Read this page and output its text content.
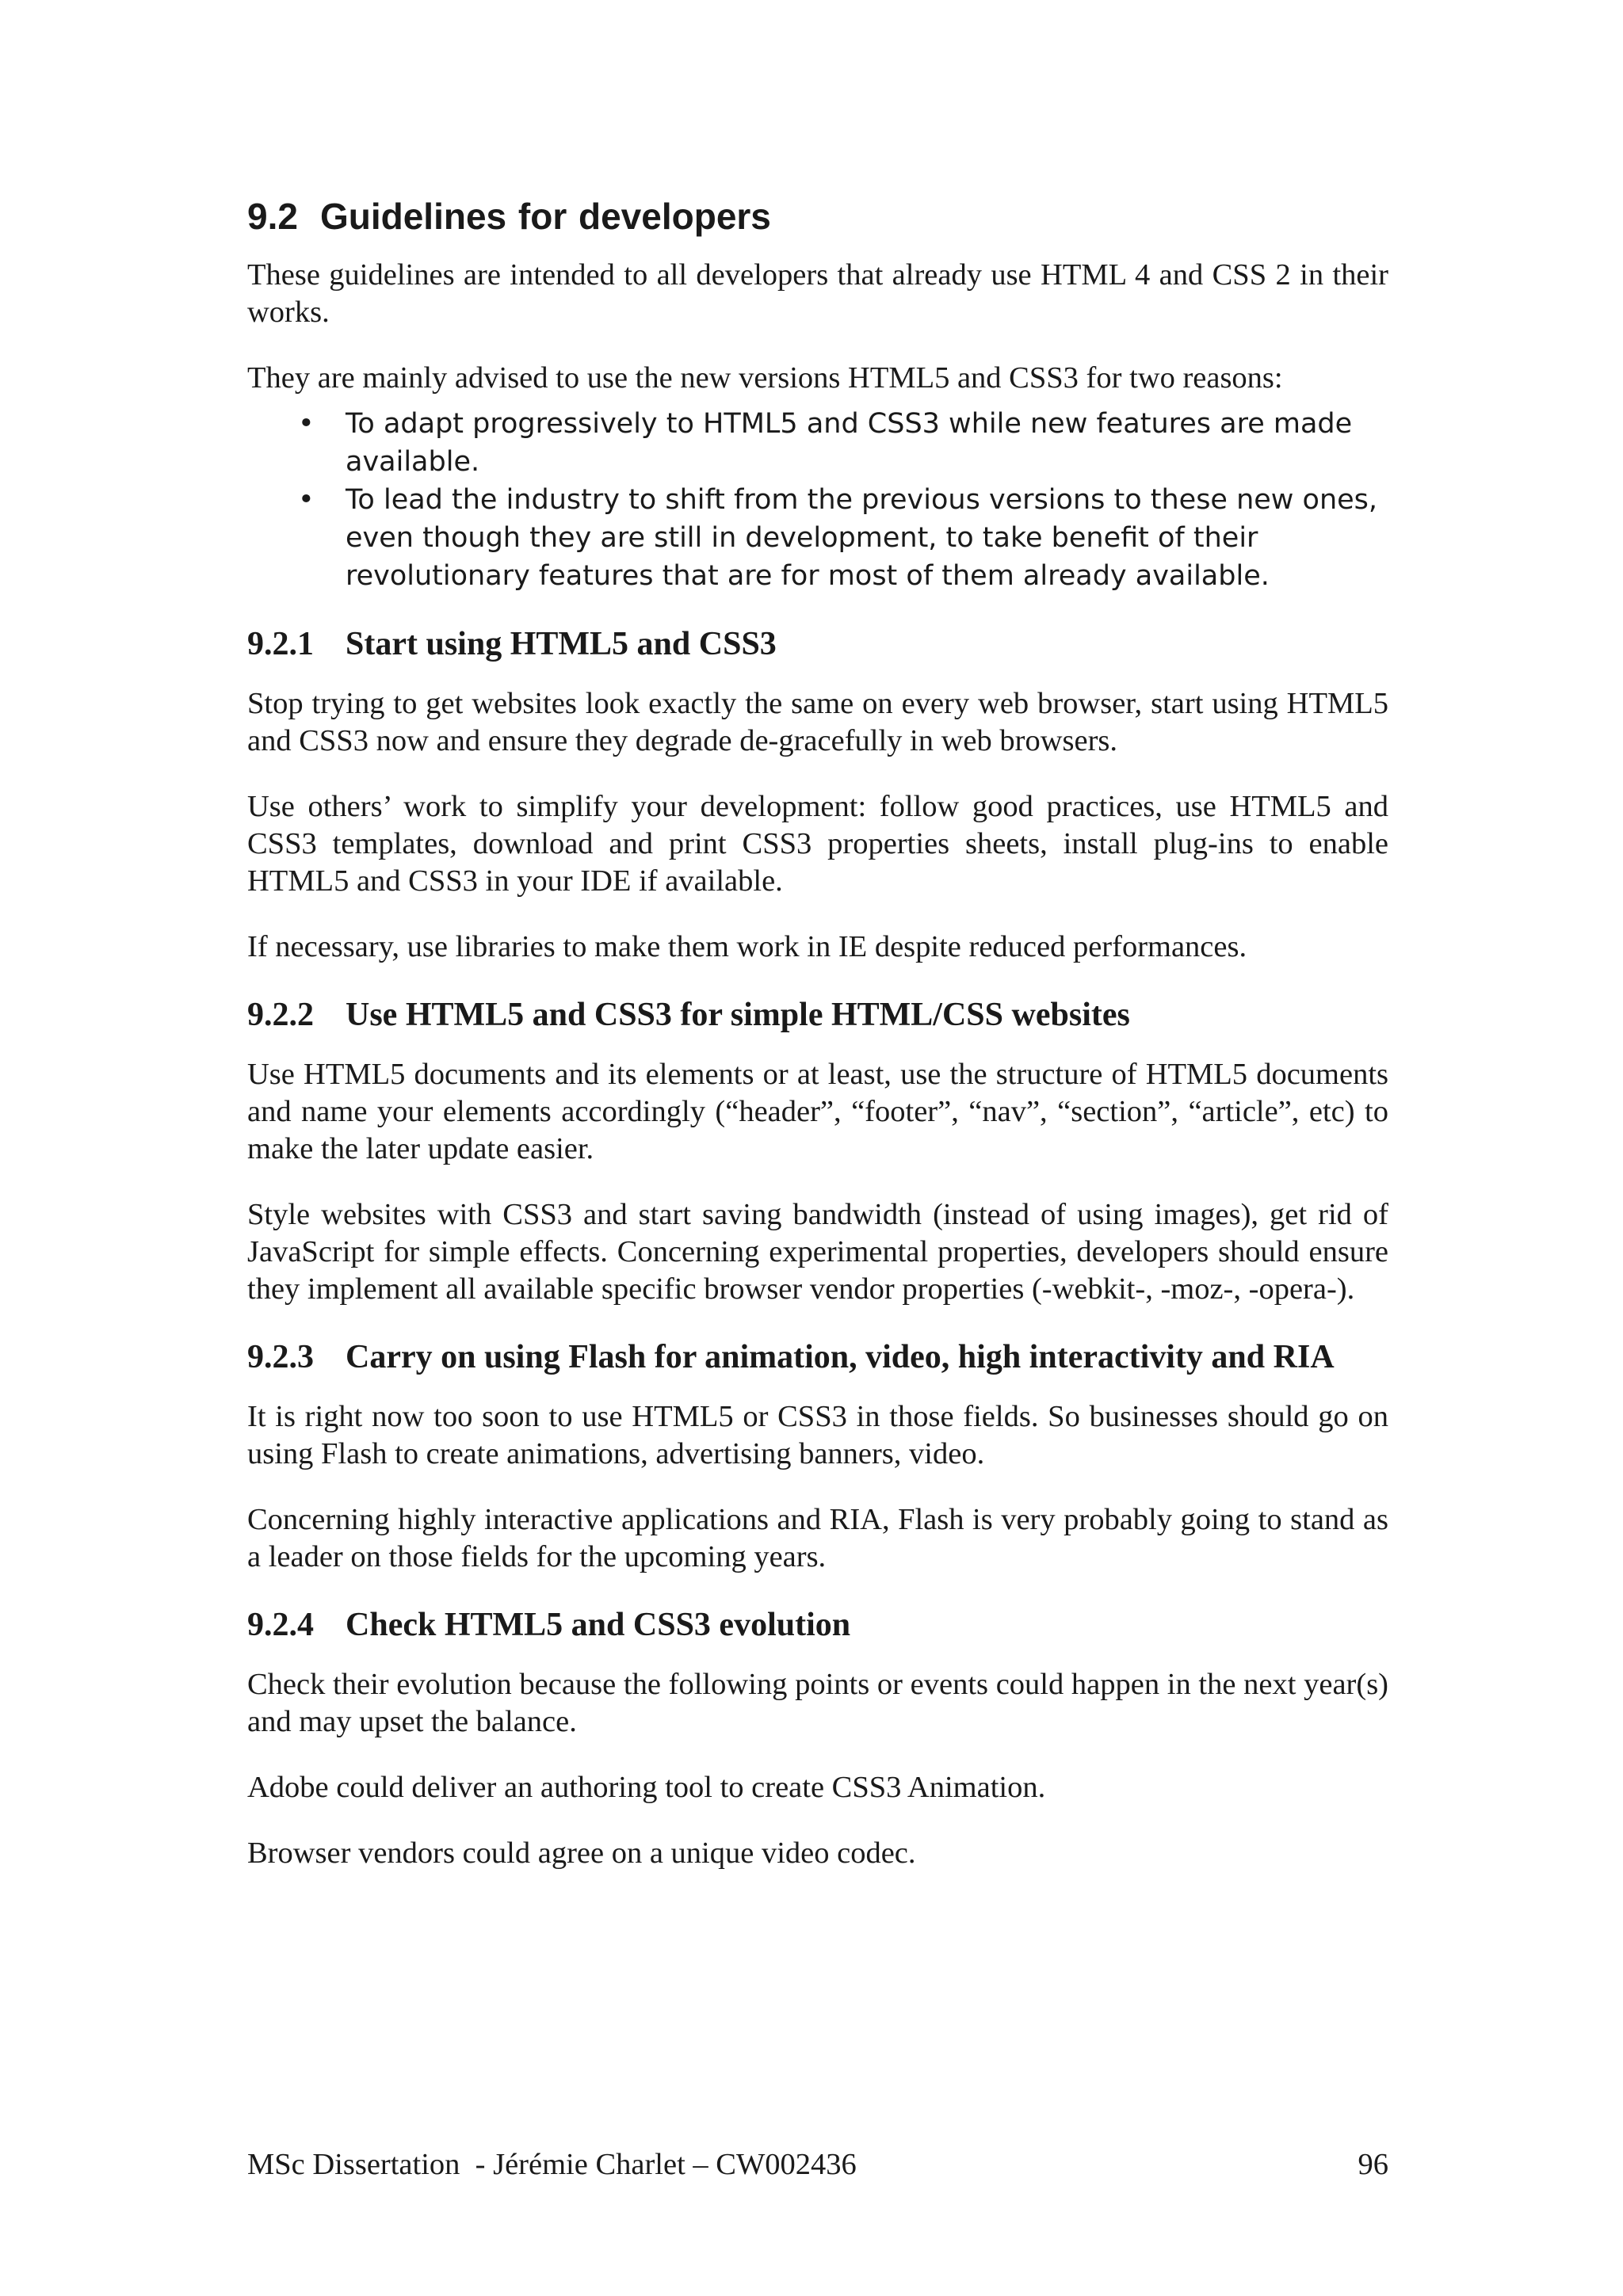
9.2 Guidelines for developers

These guidelines are intended to all developers that already use HTML 4 and CSS 2 in their works.

They are mainly advised to use the new versions HTML5 and CSS3 for two reasons:

• To adapt progressively to HTML5 and CSS3 while new features are made available.
• To lead the industry to shift from the previous versions to these new ones, even though they are still in development, to take benefit of their revolutionary features that are for most of them already available.
9.2.1 Start using HTML5 and CSS3

Stop trying to get websites look exactly the same on every web browser, start using HTML5 and CSS3 now and ensure they degrade de-gracefully in web browsers.

Use others’ work to simplify your development: follow good practices, use HTML5 and CSS3 templates, download and print CSS3 properties sheets, install plug-ins to enable HTML5 and CSS3 in your IDE if available.

If necessary, use libraries to make them work in IE despite reduced performances.

9.2.2 Use HTML5 and CSS3 for simple HTML/CSS websites

Use HTML5 documents and its elements or at least, use the structure of HTML5 documents and name your elements accordingly (“header”, “footer”, “nav”, “section”, “article”, etc) to make the later update easier.

Style websites with CSS3 and start saving bandwidth (instead of using images), get rid of JavaScript for simple effects. Concerning experimental properties, developers should ensure they implement all available specific browser vendor properties (-webkit-, -moz-, -opera-).

9.2.3 Carry on using Flash for animation, video, high interactivity and RIA

It is right now too soon to use HTML5 or CSS3 in those fields. So businesses should go on using Flash to create animations, advertising banners, video.

Concerning highly interactive applications and RIA, Flash is very probably going to stand as a leader on those fields for the upcoming years.

9.2.4 Check HTML5 and CSS3 evolution

Check their evolution because the following points or events could happen in the next year(s) and may upset the balance.

Adobe could deliver an authoring tool to create CSS3 Animation.

Browser vendors could agree on a unique video codec.

MSc Dissertation  - Jérémie Charlet – CW002436	96
